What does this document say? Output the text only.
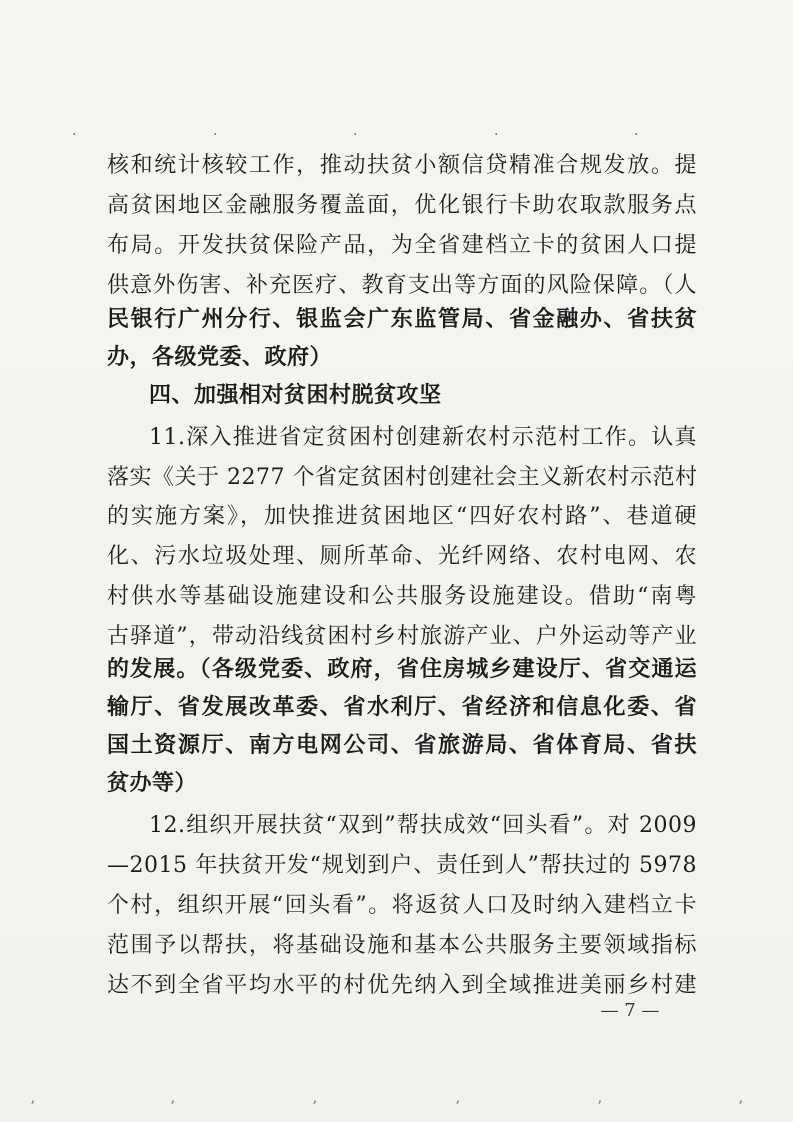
·	·	·	·	·
核和统计核较工作，推动扶贫小额信贷精准合规发放。提
高贫困地区金融服务覆盖面，优化银行卡助农取款服务点
布局。开发扶贫保险产品，为全省建档立卡的贫困人口提
供意外伤害、补充医疗、教育支出等方面的风险保障。（人
民银行广州分行、银监会广东监管局、省金融办、省扶贫
办，各级党委、政府）
四、加强相对贫困村脱贫攻坚
11.深入推进省定贫困村创建新农村示范村工作。认真
落实《关于 2277 个省定贫困村创建社会主义新农村示范村
的实施方案》，加快推进贫困地区“四好农村路”、巷道硬
化、污水垃圾处理、厕所革命、光纤网络、农村电网、农
村供水等基础设施建设和公共服务设施建设。借助“南粤
古驿道”，带动沿线贫困村乡村旅游产业、户外运动等产业
的发展。（各级党委、政府，省住房城乡建设厅、省交通运
输厅、省发展改革委、省水利厅、省经济和信息化委、省
国土资源厅、南方电网公司、省旅游局、省体育局、省扶
贫办等）
12.组织开展扶贫“双到”帮扶成效“回头看”。对 2009
—2015 年扶贫开发“规划到户、责任到人”帮扶过的 5978
个村，组织开展“回头看”。将返贫人口及时纳入建档立卡
范围予以帮扶，将基础设施和基本公共服务主要领域指标
达不到全省平均水平的村优先纳入到全域推进美丽乡村建
— 7 —
ʼ	ʼ	ʼ	ʼ	ʼ	ʼ
